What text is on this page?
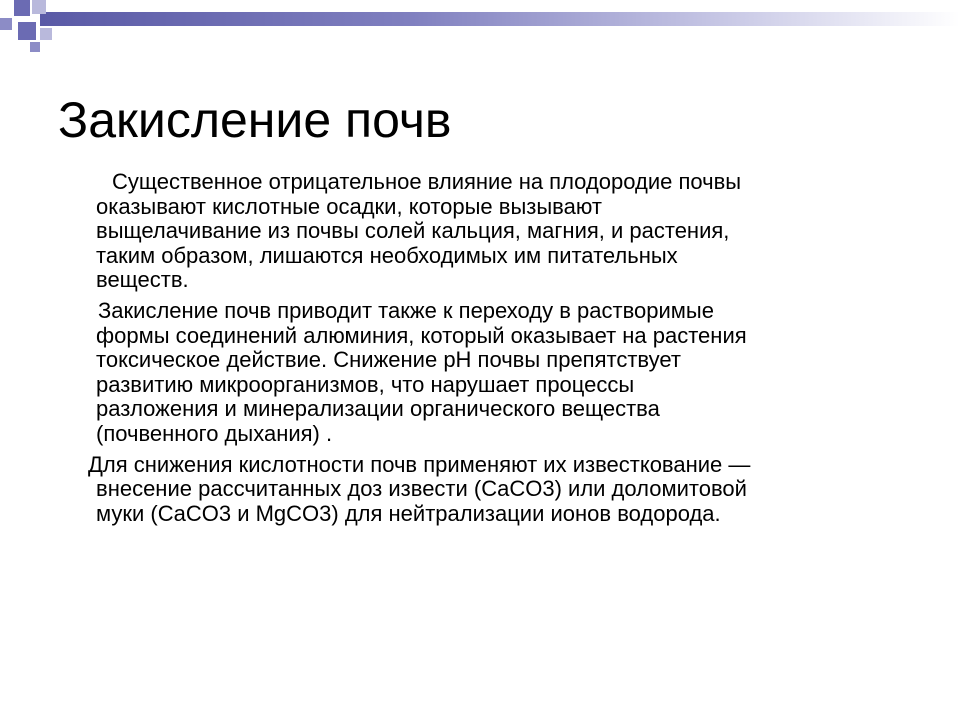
Закисление почв
Существенное отрицательное влияние на плодородие почвы
оказывают кислотные осадки, которые вызывают
выщелачивание из почвы солей кальция, магния, и растения,
таким образом, лишаются необходимых им питательных
веществ.
Закисление почв приводит также к переходу в растворимые
формы соединений алюминия, который оказывает на растения
токсическое действие. Снижение pH почвы препятствует
развитию микроорганизмов, что нарушает процессы
разложения и минерализации органического вещества
(почвенного дыхания) .
Для снижения кислотности почв применяют их известкование —
внесение рассчитанных доз извести (CaCO3) или доломитовой
муки (CaCO3 и MgCO3) для нейтрализации ионов водорода.
